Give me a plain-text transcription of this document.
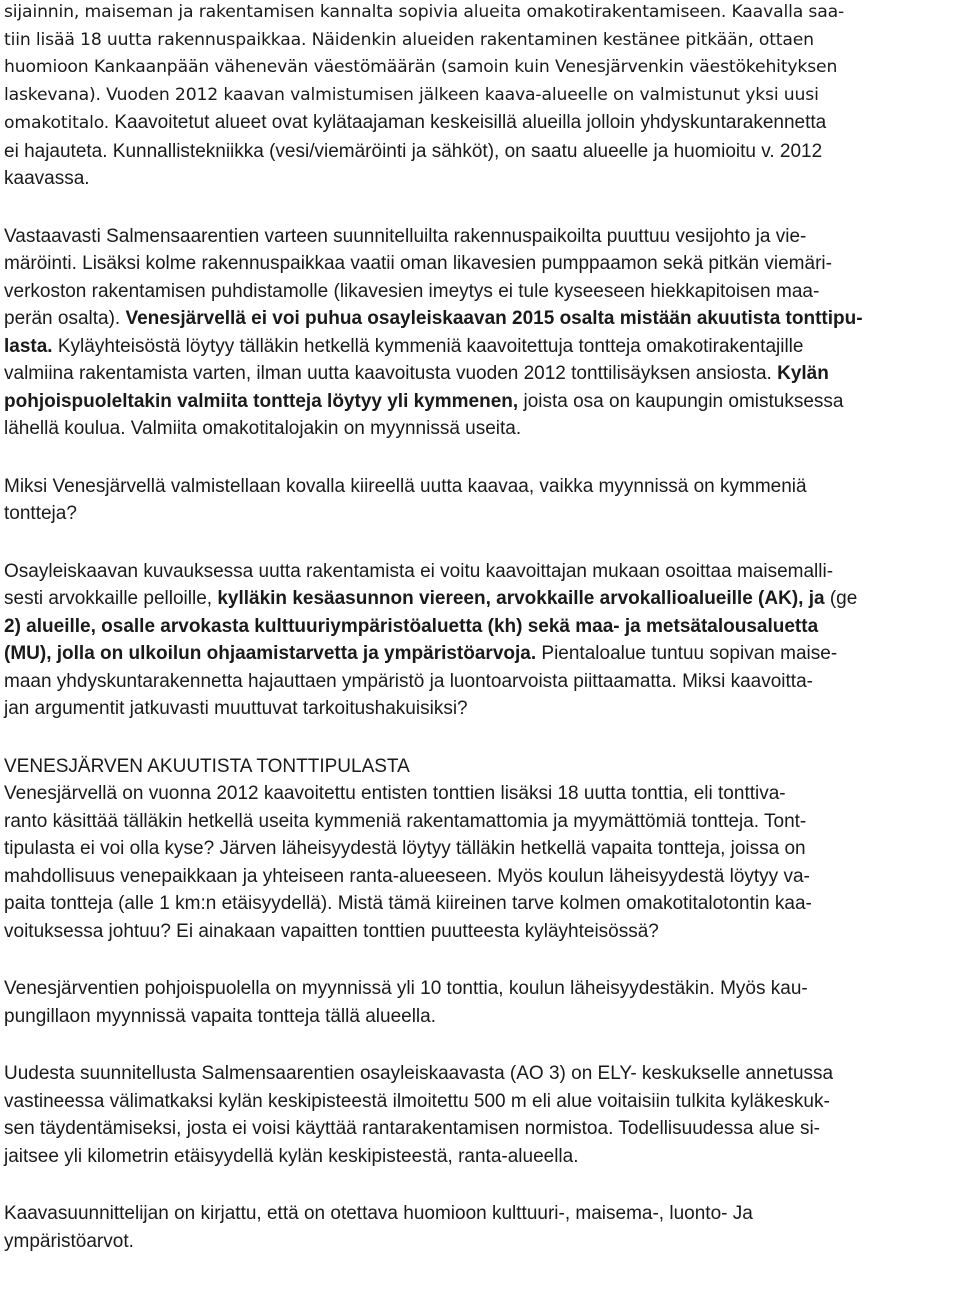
sijainnin, maiseman ja rakentamisen kannalta sopivia alueita omakotirakentamiseen. Kaavalla saa-
tiin lisää 18 uutta rakennuspaikkaa. Näidenkin alueiden rakentaminen kestänee pitkään, ottaen
huomioon Kankaanpään vähenevän väestömäärän (samoin kuin Venesjärvenkin väestökehityksen
laskevana). Vuoden 2012 kaavan valmistumisen jälkeen kaava-alueelle on valmistunut yksi uusi
omakotitalo. Kaavoitetut alueet ovat kylätaajaman keskeisillä alueilla jolloin yhdyskuntarakennetta
ei hajauteta. Kunnallistekniikka (vesi/viemäröinti ja sähköt), on saatu alueelle ja huomioitu v. 2012
kaavassa.
Vastaavasti Salmensaarentien varteen suunnitelluilta rakennuspaikoilta puuttuu vesijohto ja vie-
märöinti. Lisäksi kolme rakennuspaikkaa vaatii oman likavesien pumppaamon sekä pitkän viemäri-
verkoston rakentamisen puhdistamolle (likavesien imeytys ei tule kyseeseen hiekkapitoisen maa-
perän osalta). Venesjärvellä ei voi puhua osayleiskaavan 2015 osalta mistään akuutista tonttipu-
lasta. Kyläyhteisöstä löytyy tälläkin hetkellä kymmeniä kaavoitettuja tontteja omakotirakentajille
valmiina rakentamista varten, ilman uutta kaavoitusta vuoden 2012 tonttilisäyksen ansiosta. Kylän
pohjoispuoleltakin valmiita tontteja löytyy yli kymmenen, joista osa on kaupungin omistuksessa
lähellä koulua. Valmiita omakotitalojakin on myynnissä useita.
Miksi Venesjärvellä valmistellaan kovalla kiireellä uutta kaavaa, vaikka myynnissä on kymmeniä
tontteja?
Osayleiskaavan kuvauksessa uutta rakentamista ei voitu kaavoittajan mukaan osoittaa maisemalli-
sesti arvokkaille pelloille, kylläkin kesäasunnon viereen, arvokkaille arvokallioalueille (AK), ja (ge
2) alueille, osalle arvokasta kulttuuriympäristöaluetta (kh) sekä maa- ja metsätalousaluetta
(MU), jolla on ulkoilun ohjaamistarvetta ja ympäristöarvoja. Pientaloalue tuntuu sopivan maise-
maan yhdyskuntarakennetta hajauttaen ympäristö ja luontoarvoista piittaamatta. Miksi kaavoitta-
jan argumentit jatkuvasti muuttuvat tarkoitushakuisiksi?
VENESJÄRVEN AKUUTISTA TONTTIPULASTA
Venesjärvellä on vuonna 2012 kaavoitettu entisten tonttien lisäksi 18 uutta tonttia, eli tonttiva-
ranto käsittää tälläkin hetkellä useita kymmeniä rakentamattomia ja myymättömiä tontteja. Tont-
tipulasta ei voi olla kyse? Järven läheisyydestä löytyy tälläkin hetkellä vapaita tontteja, joissa on
mahdollisuus venepaikkaan ja yhteiseen ranta-alueeseen. Myös koulun läheisyydestä löytyy va-
paita tontteja (alle 1 km:n etäisyydellä). Mistä tämä kiireinen tarve kolmen omakotitalotontin kaa-
voituksessa johtuu? Ei ainakaan vapaitten tonttien puutteesta kyläyhteisössä?
Venesjärventien pohjoispuolella on myynnissä yli 10 tonttia, koulun läheisyydestäkin. Myös kau-
pungillaon myynnissä vapaita tontteja tällä alueella.
Uudesta suunnitellusta Salmensaarentien osayleiskaavasta (AO 3) on ELY- keskukselle annetussa
vastineessa välimatkaksi kylän keskipisteestä ilmoitettu 500 m eli alue voitaisiin tulkita kyläkeskuk-
sen täydentämiseksi, josta ei voisi käyttää rantarakentamisen normistoa. Todellisuudessa alue si-
jaitsee yli kilometrin etäisyydellä kylän keskipisteestä, ranta-alueella.
Kaavasuunnittelijan on kirjattu, että on otettava huomioon kulttuuri-, maisema-, luonto- Ja
ympäristöarvot.
